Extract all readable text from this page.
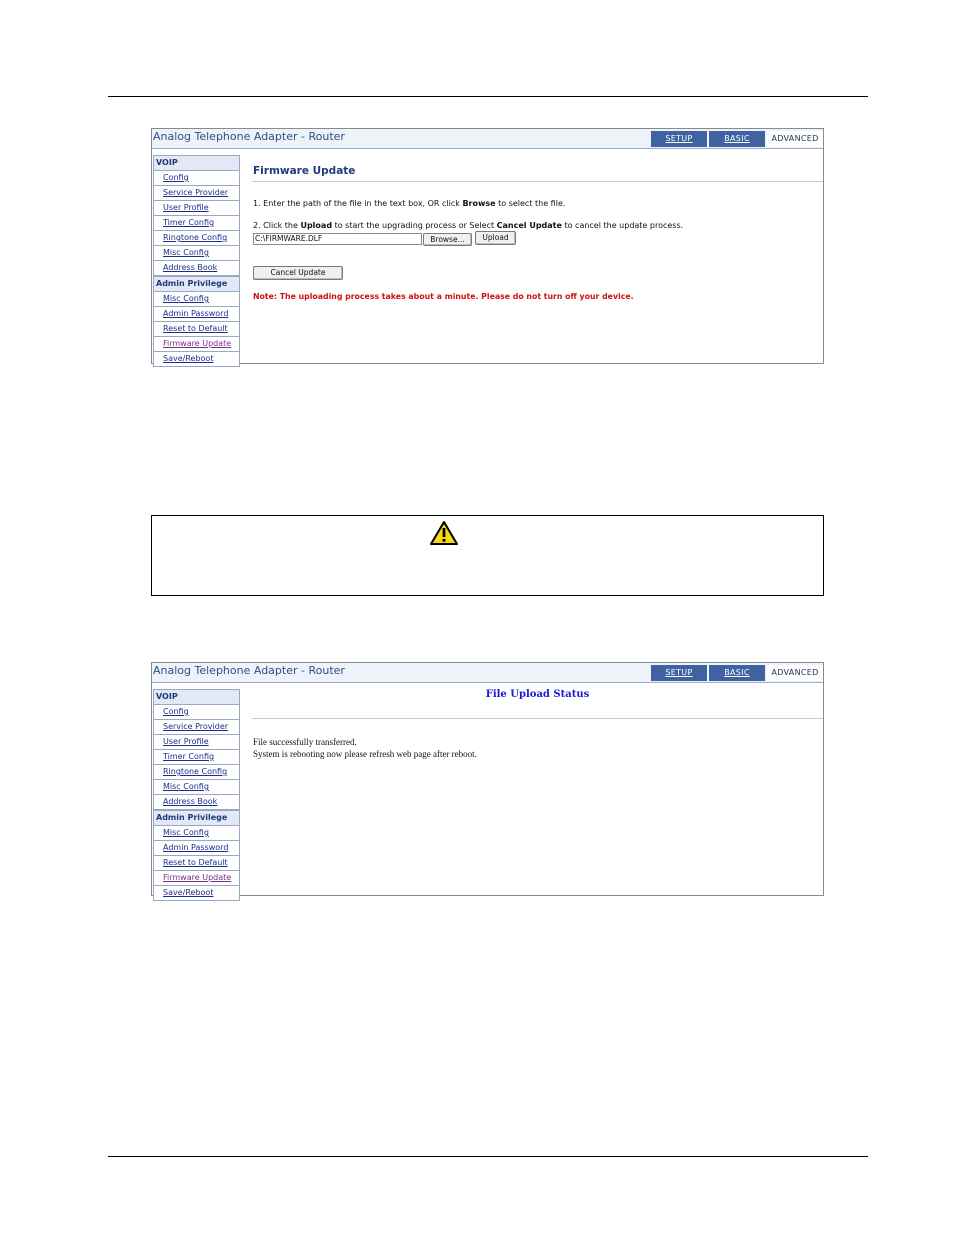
Analog Telephone Adapter - Router	SETUP	BASIC	ADVANCED
VOIP
Config
Service Provider
User Profile
Timer Config
Ringtone Config
Misc Config
Address Book
Admin Privilege
Misc Config
Admin Password
Reset to Default
Firmware Update
Save/Reboot
Firmware Update
1. Enter the path of the file in the text box, OR click Browse to select the file.
2. Click the Upload to start the upgrading process or Select Cancel Update to cancel the update process.
C:\FIRMWARE.DLF	Browse...	Upload
Cancel Update
Note: The uploading process takes about a minute. Please do not turn off your device.
Analog Telephone Adapter - Router	SETUP	BASIC	ADVANCED
VOIP
Config
Service Provider
User Profile
Timer Config
Ringtone Config
Misc Config
Address Book
Admin Privilege
Misc Config
Admin Password
Reset to Default
Firmware Update
Save/Reboot
File Upload Status
File successfully transferred.
System is rebooting now please refresh web page after reboot.
